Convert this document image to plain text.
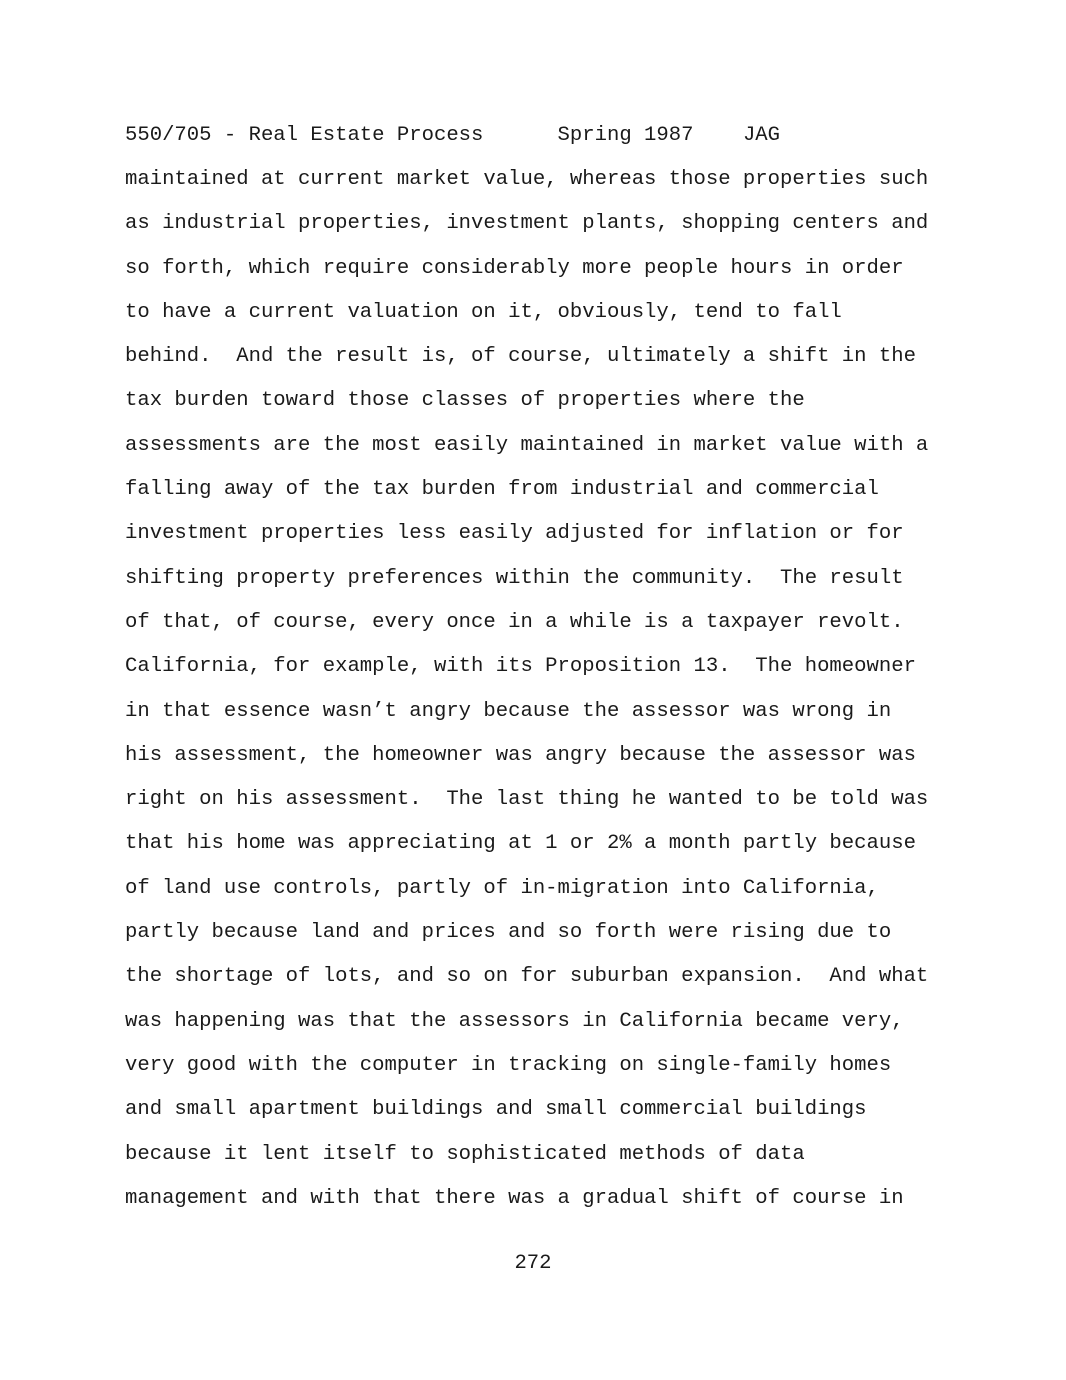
550/705 - Real Estate Process	Spring 1987 JAG
maintained at current market value, whereas those properties such
as industrial properties, investment plants, shopping centers and
so forth, which require considerably more people hours in order
to have a current valuation on it, obviously, tend to fall
behind.  And the result is, of course, ultimately a shift in the
tax burden toward those classes of properties where the
assessments are the most easily maintained in market value with a
falling away of the tax burden from industrial and commercial
investment properties less easily adjusted for inflation or for
shifting property preferences within the community.  The result
of that, of course, every once in a while is a taxpayer revolt.
California, for example, with its Proposition 13.  The homeowner
in that essence wasn’t angry because the assessor was wrong in
his assessment, the homeowner was angry because the assessor was
right on his assessment.  The last thing he wanted to be told was
that his home was appreciating at 1 or 2% a month partly because
of land use controls, partly of in-migration into California,
partly because land and prices and so forth were rising due to
the shortage of lots, and so on for suburban expansion.  And what
was happening was that the assessors in California became very,
very good with the computer in tracking on single-family homes
and small apartment buildings and small commercial buildings
because it lent itself to sophisticated methods of data
management and with that there was a gradual shift of course in
272
